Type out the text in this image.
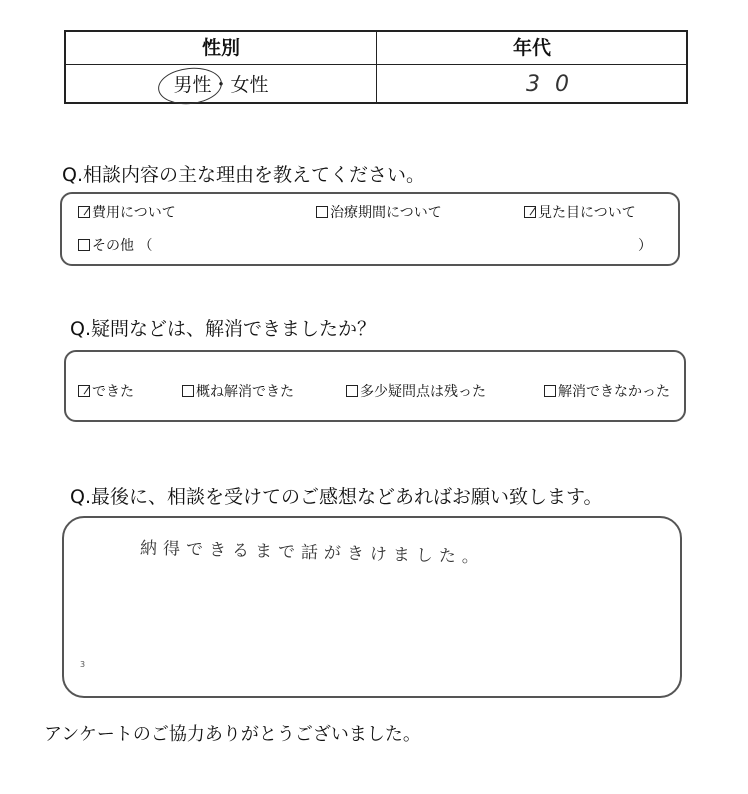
性別	年代
男性・女性	3 0
Q.相談内容の主な理由を教えてください。
費用について	治療期間について	見た目について
その他 （	）
Q.疑問などは、解消できましたか？
できた	概ね解消できた	多少疑問点は残った	解消できなかった
Q.最後に、相談を受けてのご感想などあればお願い致します。
納得できるまで話がきけました。
3
アンケートのご協力ありがとうございました。
